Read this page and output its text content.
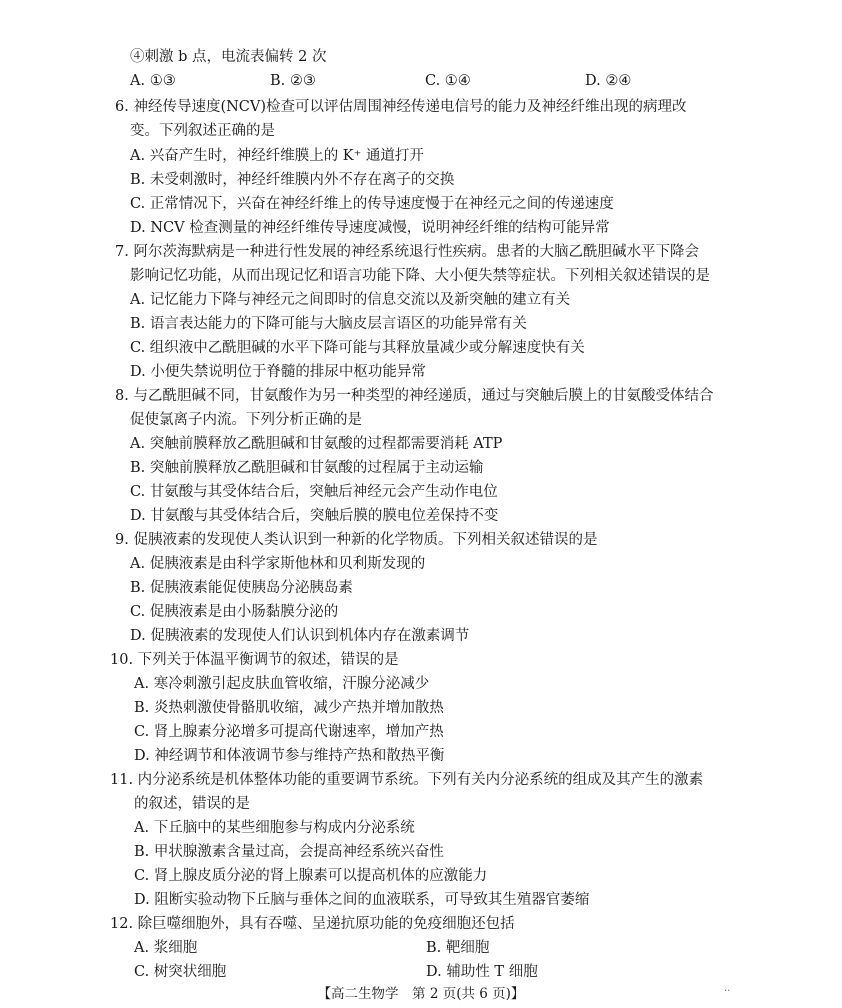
④刺激 b 点，电流表偏转 2 次
A. ①③	B. ②③	C. ①④	D. ②④
6. 神经传导速度(NCV)检查可以评估周围神经传递电信号的能力及神经纤维出现的病理改
变。下列叙述正确的是
A. 兴奋产生时，神经纤维膜上的 K⁺ 通道打开
B. 未受刺激时，神经纤维膜内外不存在离子的交换
C. 正常情况下，兴奋在神经纤维上的传导速度慢于在神经元之间的传递速度
D. NCV 检查测量的神经纤维传导速度减慢，说明神经纤维的结构可能异常
7. 阿尔茨海默病是一种进行性发展的神经系统退行性疾病。患者的大脑乙酰胆碱水平下降会
影响记忆功能，从而出现记忆和语言功能下降、大小便失禁等症状。下列相关叙述错误的是
A. 记忆能力下降与神经元之间即时的信息交流以及新突触的建立有关
B. 语言表达能力的下降可能与大脑皮层言语区的功能异常有关
C. 组织液中乙酰胆碱的水平下降可能与其释放量减少或分解速度快有关
D. 小便失禁说明位于脊髓的排尿中枢功能异常
8. 与乙酰胆碱不同，甘氨酸作为另一种类型的神经递质，通过与突触后膜上的甘氨酸受体结合
促使氯离子内流。下列分析正确的是
A. 突触前膜释放乙酰胆碱和甘氨酸的过程都需要消耗 ATP
B. 突触前膜释放乙酰胆碱和甘氨酸的过程属于主动运输
C. 甘氨酸与其受体结合后，突触后神经元会产生动作电位
D. 甘氨酸与其受体结合后，突触后膜的膜电位差保持不变
9. 促胰液素的发现使人类认识到一种新的化学物质。下列相关叙述错误的是
A. 促胰液素是由科学家斯他林和贝利斯发现的
B. 促胰液素能促使胰岛分泌胰岛素
C. 促胰液素是由小肠黏膜分泌的
D. 促胰液素的发现使人们认识到机体内存在激素调节
10. 下列关于体温平衡调节的叙述，错误的是
A. 寒冷刺激引起皮肤血管收缩，汗腺分泌减少
B. 炎热刺激使骨骼肌收缩，减少产热并增加散热
C. 肾上腺素分泌增多可提高代谢速率，增加产热
D. 神经调节和体液调节参与维持产热和散热平衡
11. 内分泌系统是机体整体功能的重要调节系统。下列有关内分泌系统的组成及其产生的激素
的叙述，错误的是
A. 下丘脑中的某些细胞参与构成内分泌系统
B. 甲状腺激素含量过高，会提高神经系统兴奋性
C. 肾上腺皮质分泌的肾上腺素可以提高机体的应激能力
D. 阻断实验动物下丘脑与垂体之间的血液联系，可导致其生殖器官萎缩
12. 除巨噬细胞外，具有吞噬、呈递抗原功能的免疫细胞还包括
A. 浆细胞	B. 靶细胞
C. 树突状细胞	D. 辅助性 T 细胞
【高二生物学　第 2 页(共 6 页)】	··
